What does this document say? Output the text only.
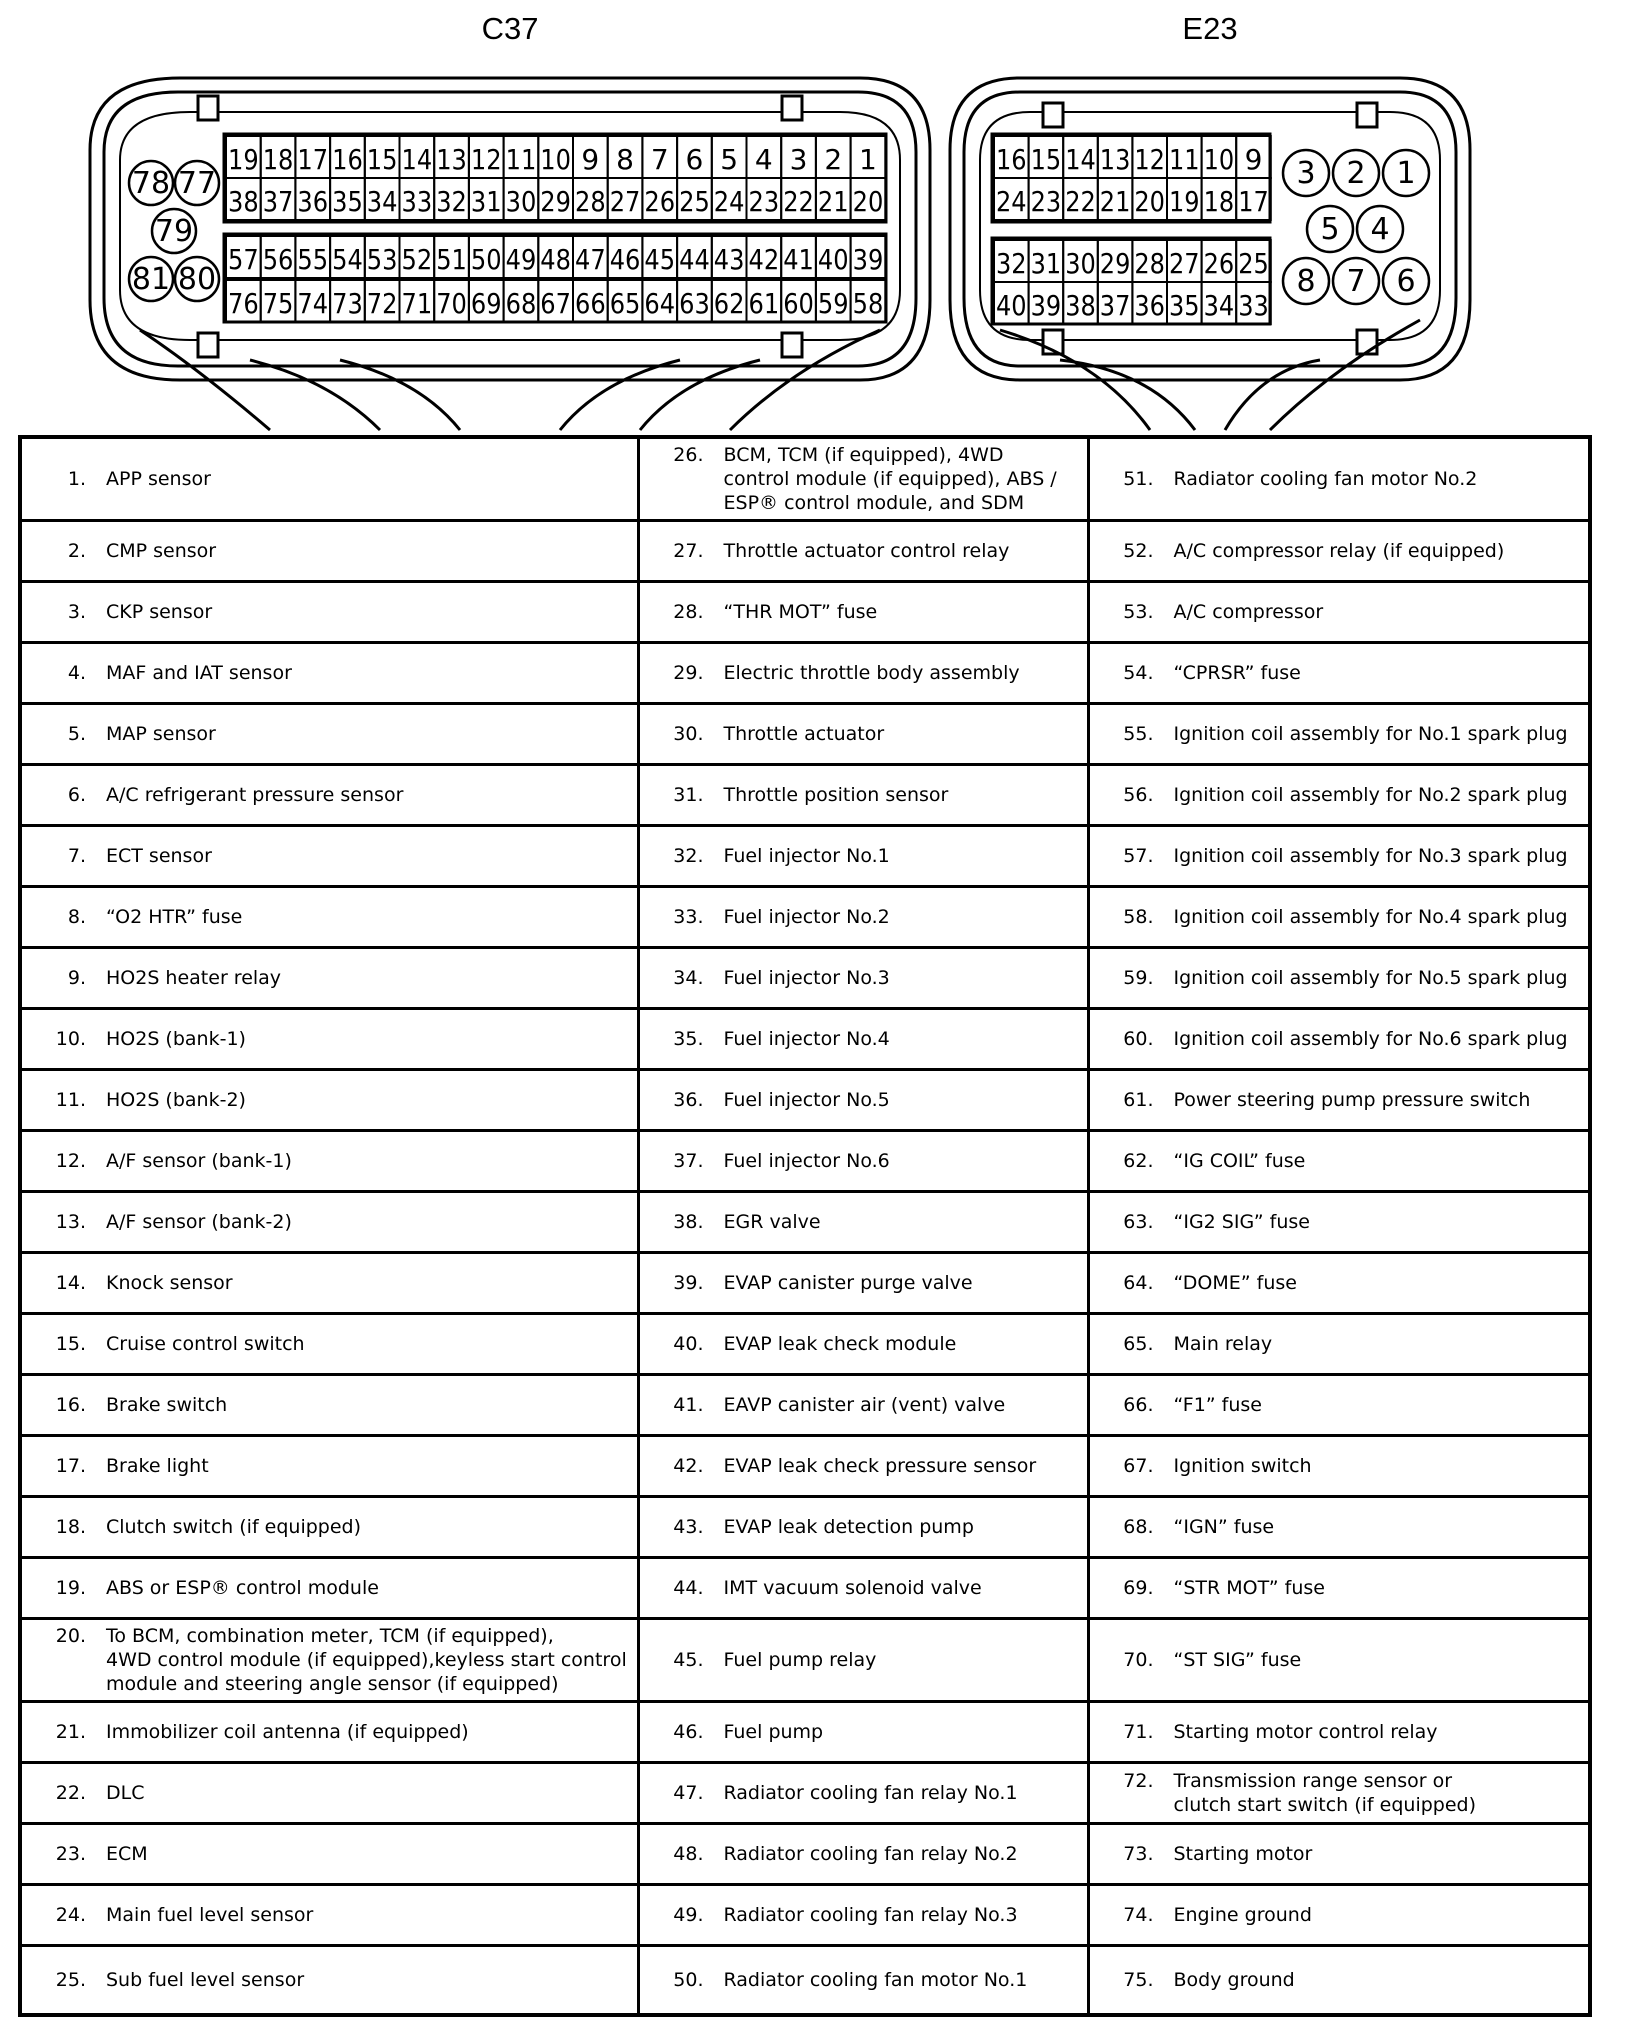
C37	E23
19 18 17 16 15 14 13 12 11 10 9 8 7 6 5 4 3 2 1
38 37 36 35 34 33 32 31 30 29 28 27 26 25 24 23 22 21 20
57 56 55 54 53 52 51 50 49 48 47 46 45 44 43 42 41 40 39
76 75 74 73 72 71 70 69 68 67 66 65 64 63 62 61 60 59 58
78 77
79
81 80
16 15 14 13 12 11 10 9
24 23 22 21 20 19 18 17
32 31 30 29 28 27 26 25
40 39 38 37 36 35 34 33
3 2 1
5 4
8 7 6
1. APP sensor	26. BCM, TCM (if equipped), 4WD
control module (if equipped), ABS /
ESP® control module, and SDM	51. Radiator cooling fan motor No.2

2. CMP sensor	27. Throttle actuator control relay	52. A/C compressor relay (if equipped)

3. CKP sensor	28. “THR MOT” fuse	53. A/C compressor

4. MAF and IAT sensor	29. Electric throttle body assembly	54. “CPRSR” fuse

5. MAP sensor	30. Throttle actuator	55. Ignition coil assembly for No.1 spark plug

6. A/C refrigerant pressure sensor	31. Throttle position sensor	56. Ignition coil assembly for No.2 spark plug

7. ECT sensor	32. Fuel injector No.1	57. Ignition coil assembly for No.3 spark plug

8. “O2 HTR” fuse	33. Fuel injector No.2	58. Ignition coil assembly for No.4 spark plug

9. HO2S heater relay	34. Fuel injector No.3	59. Ignition coil assembly for No.5 spark plug

10. HO2S (bank-1)	35. Fuel injector No.4	60. Ignition coil assembly for No.6 spark plug

11. HO2S (bank-2)	36. Fuel injector No.5	61. Power steering pump pressure switch

12. A/F sensor (bank-1)	37. Fuel injector No.6	62. “IG COIL” fuse

13. A/F sensor (bank-2)	38. EGR valve	63. “IG2 SIG” fuse

14. Knock sensor	39. EVAP canister purge valve	64. “DOME” fuse

15. Cruise control switch	40. EVAP leak check module	65. Main relay

16. Brake switch	41. EAVP canister air (vent) valve	66. “F1” fuse

17. Brake light	42. EVAP leak check pressure sensor	67. Ignition switch

18. Clutch switch (if equipped)	43. EVAP leak detection pump	68. “IGN” fuse

19. ABS or ESP® control module	44. IMT vacuum solenoid valve	69. “STR MOT” fuse

20. To BCM, combination meter, TCM (if equipped),
4WD control module (if equipped),keyless start control
module and steering angle sensor (if equipped)	45. Fuel pump relay	70. “ST SIG” fuse

21. Immobilizer coil antenna (if equipped)	46. Fuel pump	71. Starting motor control relay

22. DLC	47. Radiator cooling fan relay No.1	72. Transmission range sensor or
clutch start switch (if equipped)

23. ECM	48. Radiator cooling fan relay No.2	73. Starting motor

24. Main fuel level sensor	49. Radiator cooling fan relay No.3	74. Engine ground

25. Sub fuel level sensor	50. Radiator cooling fan motor No.1	75. Body ground
